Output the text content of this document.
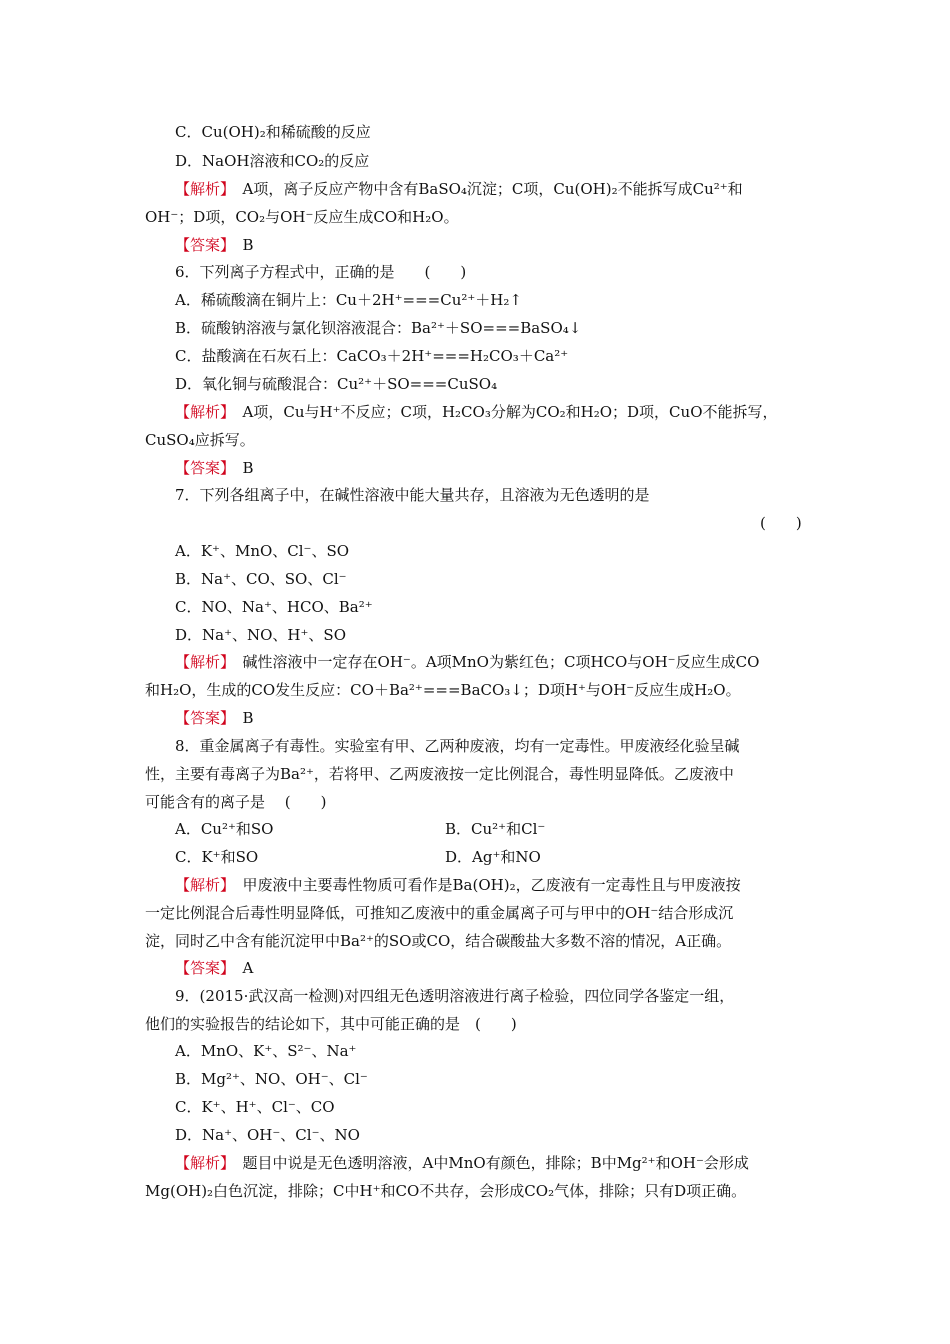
C．Cu(OH)₂和稀硫酸的反应
D．NaOH溶液和CO₂的反应
【解析】　A项，离子反应产物中含有BaSO₄沉淀；C项，Cu(OH)₂不能拆写成Cu²⁺和
OH⁻；D项，CO₂与OH⁻反应生成CO和H₂O。
【答案】　B
6．下列离子方程式中，正确的是　　(　　)
A．稀硫酸滴在铜片上：Cu＋2H⁺===Cu²⁺＋H₂↑
B．硫酸钠溶液与氯化钡溶液混合：Ba²⁺＋SO===BaSO₄↓
C．盐酸滴在石灰石上：CaCO₃＋2H⁺===H₂CO₃＋Ca²⁺
D．氧化铜与硫酸混合：Cu²⁺＋SO===CuSO₄
【解析】　A项，Cu与H⁺不反应；C项，H₂CO₃分解为CO₂和H₂O；D项，CuO不能拆写，
CuSO₄应拆写。
【答案】　B
7．下列各组离子中，在碱性溶液中能大量共存，且溶液为无色透明的是
(　　)
A．K⁺、MnO、Cl⁻、SO
B．Na⁺、CO、SO、Cl⁻
C．NO、Na⁺、HCO、Ba²⁺
D．Na⁺、NO、H⁺、SO
【解析】　碱性溶液中一定存在OH⁻。A项MnO为紫红色；C项HCO与OH⁻反应生成CO
和H₂O，生成的CO发生反应：CO＋Ba²⁺===BaCO₃↓；D项H⁺与OH⁻反应生成H₂O。
【答案】　B
8．重金属离子有毒性。实验室有甲、乙两种废液，均有一定毒性。甲废液经化验呈碱
性，主要有毒离子为Ba²⁺，若将甲、乙两废液按一定比例混合，毒性明显降低。乙废液中
可能含有的离子是　 (　　)
A．Cu²⁺和SO	B．Cu²⁺和Cl⁻
C．K⁺和SO	D．Ag⁺和NO
【解析】　甲废液中主要毒性物质可看作是Ba(OH)₂，乙废液有一定毒性且与甲废液按
一定比例混合后毒性明显降低，可推知乙废液中的重金属离子可与甲中的OH⁻结合形成沉
淀，同时乙中含有能沉淀甲中Ba²⁺的SO或CO，结合碳酸盐大多数不溶的情况，A正确。
【答案】　A
9．(2015·武汉高一检测)对四组无色透明溶液进行离子检验，四位同学各鉴定一组，
他们的实验报告的结论如下，其中可能正确的是　(　　)
A．MnO、K⁺、S²⁻、Na⁺
B．Mg²⁺、NO、OH⁻、Cl⁻
C．K⁺、H⁺、Cl⁻、CO
D．Na⁺、OH⁻、Cl⁻、NO
【解析】　题目中说是无色透明溶液，A中MnO有颜色，排除；B中Mg²⁺和OH⁻会形成
Mg(OH)₂白色沉淀，排除；C中H⁺和CO不共存，会形成CO₂气体，排除；只有D项正确。
